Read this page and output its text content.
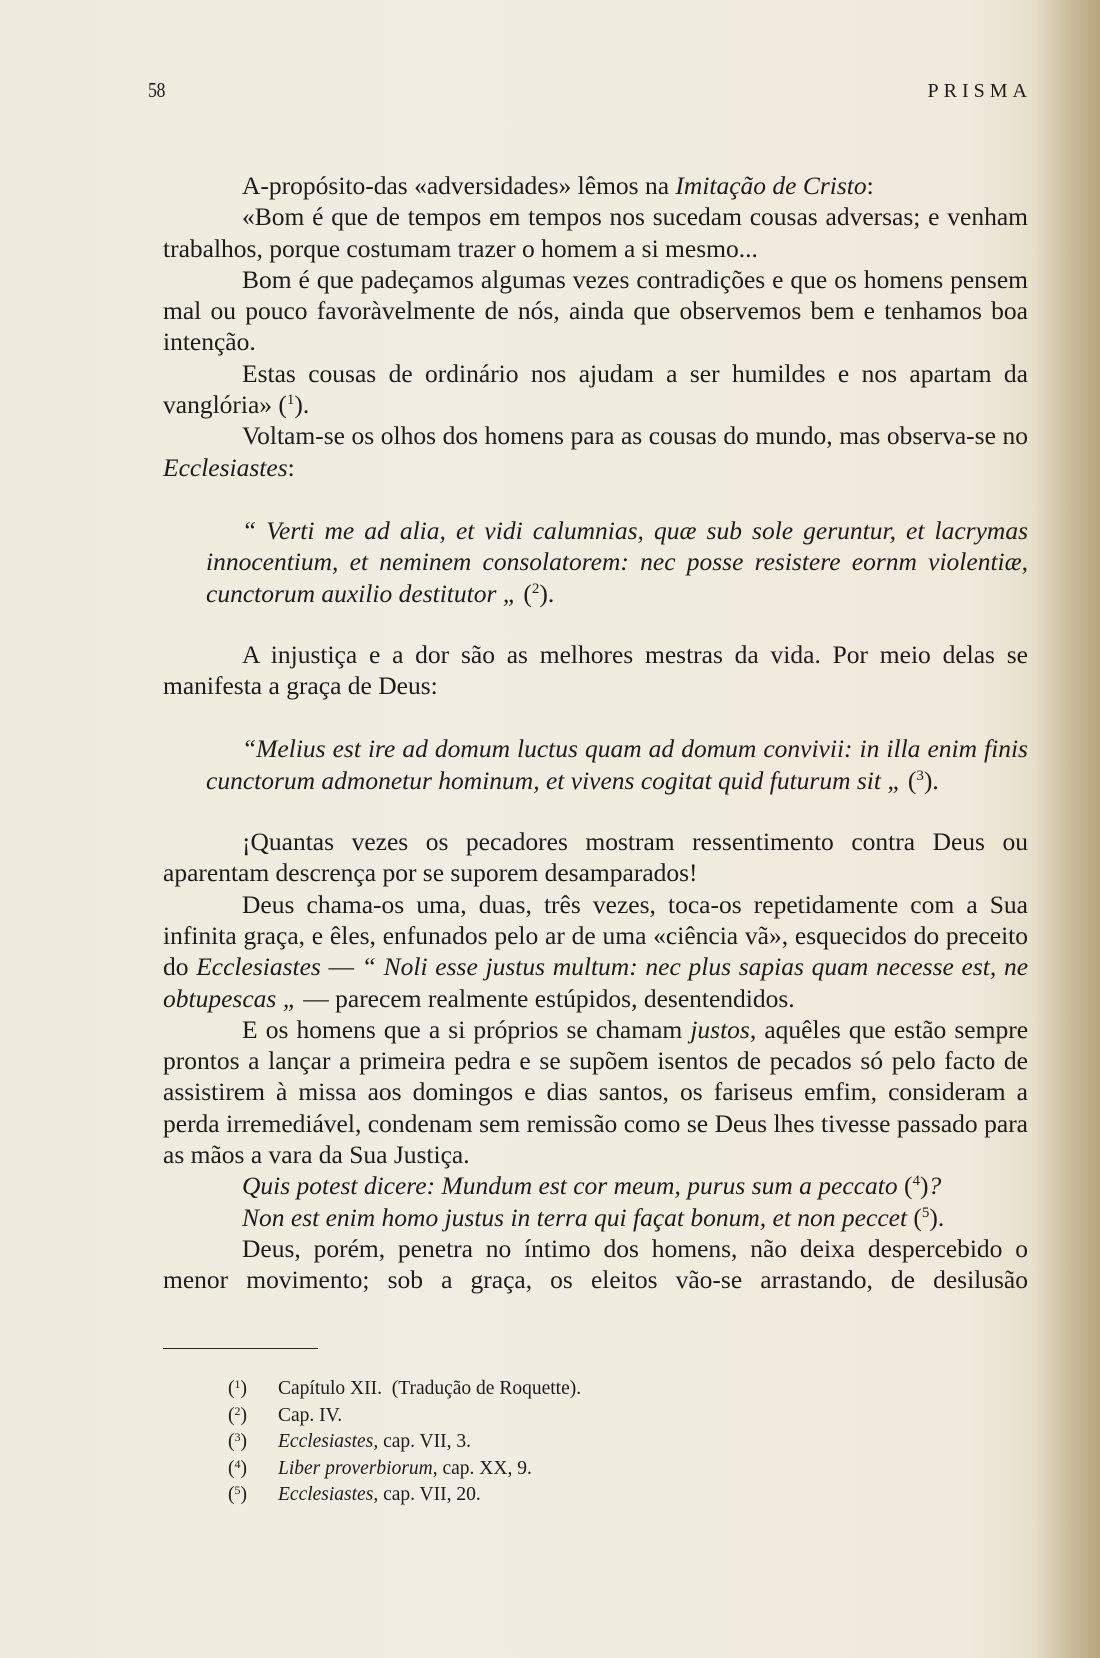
58	PRISMA

A-propósito-das «adversidades» lêmos na Imitação de Cristo:

«Bom é que de tempos em tempos nos sucedam cousas adversas; e venham trabalhos, porque costumam trazer o homem a si mesmo...

Bom é que padeçamos algumas vezes contradições e que os homens pensem mal ou pouco favoràvelmente de nós, ainda que observemos bem e tenhamos boa intenção.

Estas cousas de ordinário nos ajudam a ser humildes e nos apartam da vanglória» ($^1$).

Voltam-se os olhos dos homens para as cousas do mundo, mas observa-se no Ecclesiastes:

“ Verti me ad alia, et vidi calumnias, quæ sub sole geruntur, et lacrymas innocentium, et neminem consolatorem: nec posse resistere eornm violentiæ, cunctorum auxilio destitutor „ ($^2$).

A injustiça e a dor são as melhores mestras da vida. Por meio delas se manifesta a graça de Deus:

“Melius est ire ad domum luctus quam ad domum convivii: in illa enim finis cunctorum admonetur hominum, et vivens cogitat quid futurum sit „ ($^3$).

¡Quantas vezes os pecadores mostram ressentimento contra Deus ou aparentam descrença por se suporem desamparados!

Deus chama-os uma, duas, três vezes, toca-os repetidamente com a Sua infinita graça, e êles, enfunados pelo ar de uma «ciência vã», esquecidos do preceito do Ecclesiastes — “ Noli esse justus multum: nec plus sapias quam necesse est, ne obtupescas „ — parecem realmente estúpidos, desentendidos.

E os homens que a si próprios se chamam justos, aquêles que estão sempre prontos a lançar a primeira pedra e se supõem isentos de pecados só pelo facto de assistirem à missa aos domingos e dias santos, os fariseus emfim, consideram a perda irremediável, condenam sem remissão como se Deus lhes tivesse passado para as mãos a vara da Sua Justiça.

Quis potest dicere: Mundum est cor meum, purus sum a peccato ($^4$)?

Non est enim homo justus in terra qui façat bonum, et non peccet ($^5$).

Deus, porém, penetra no íntimo dos homens, não deixa despercebido o menor movimento; sob a graça, os eleitos vão-se arrastando, de desilusão

($^1$)	Capítulo XII.  (Tradução de Roquette).
($^2$)	Cap. IV.
($^3$)	Ecclesiastes, cap. VII, 3.
($^4$)	Liber proverbiorum, cap. XX, 9.
($^5$)	Ecclesiastes, cap. VII, 20.
